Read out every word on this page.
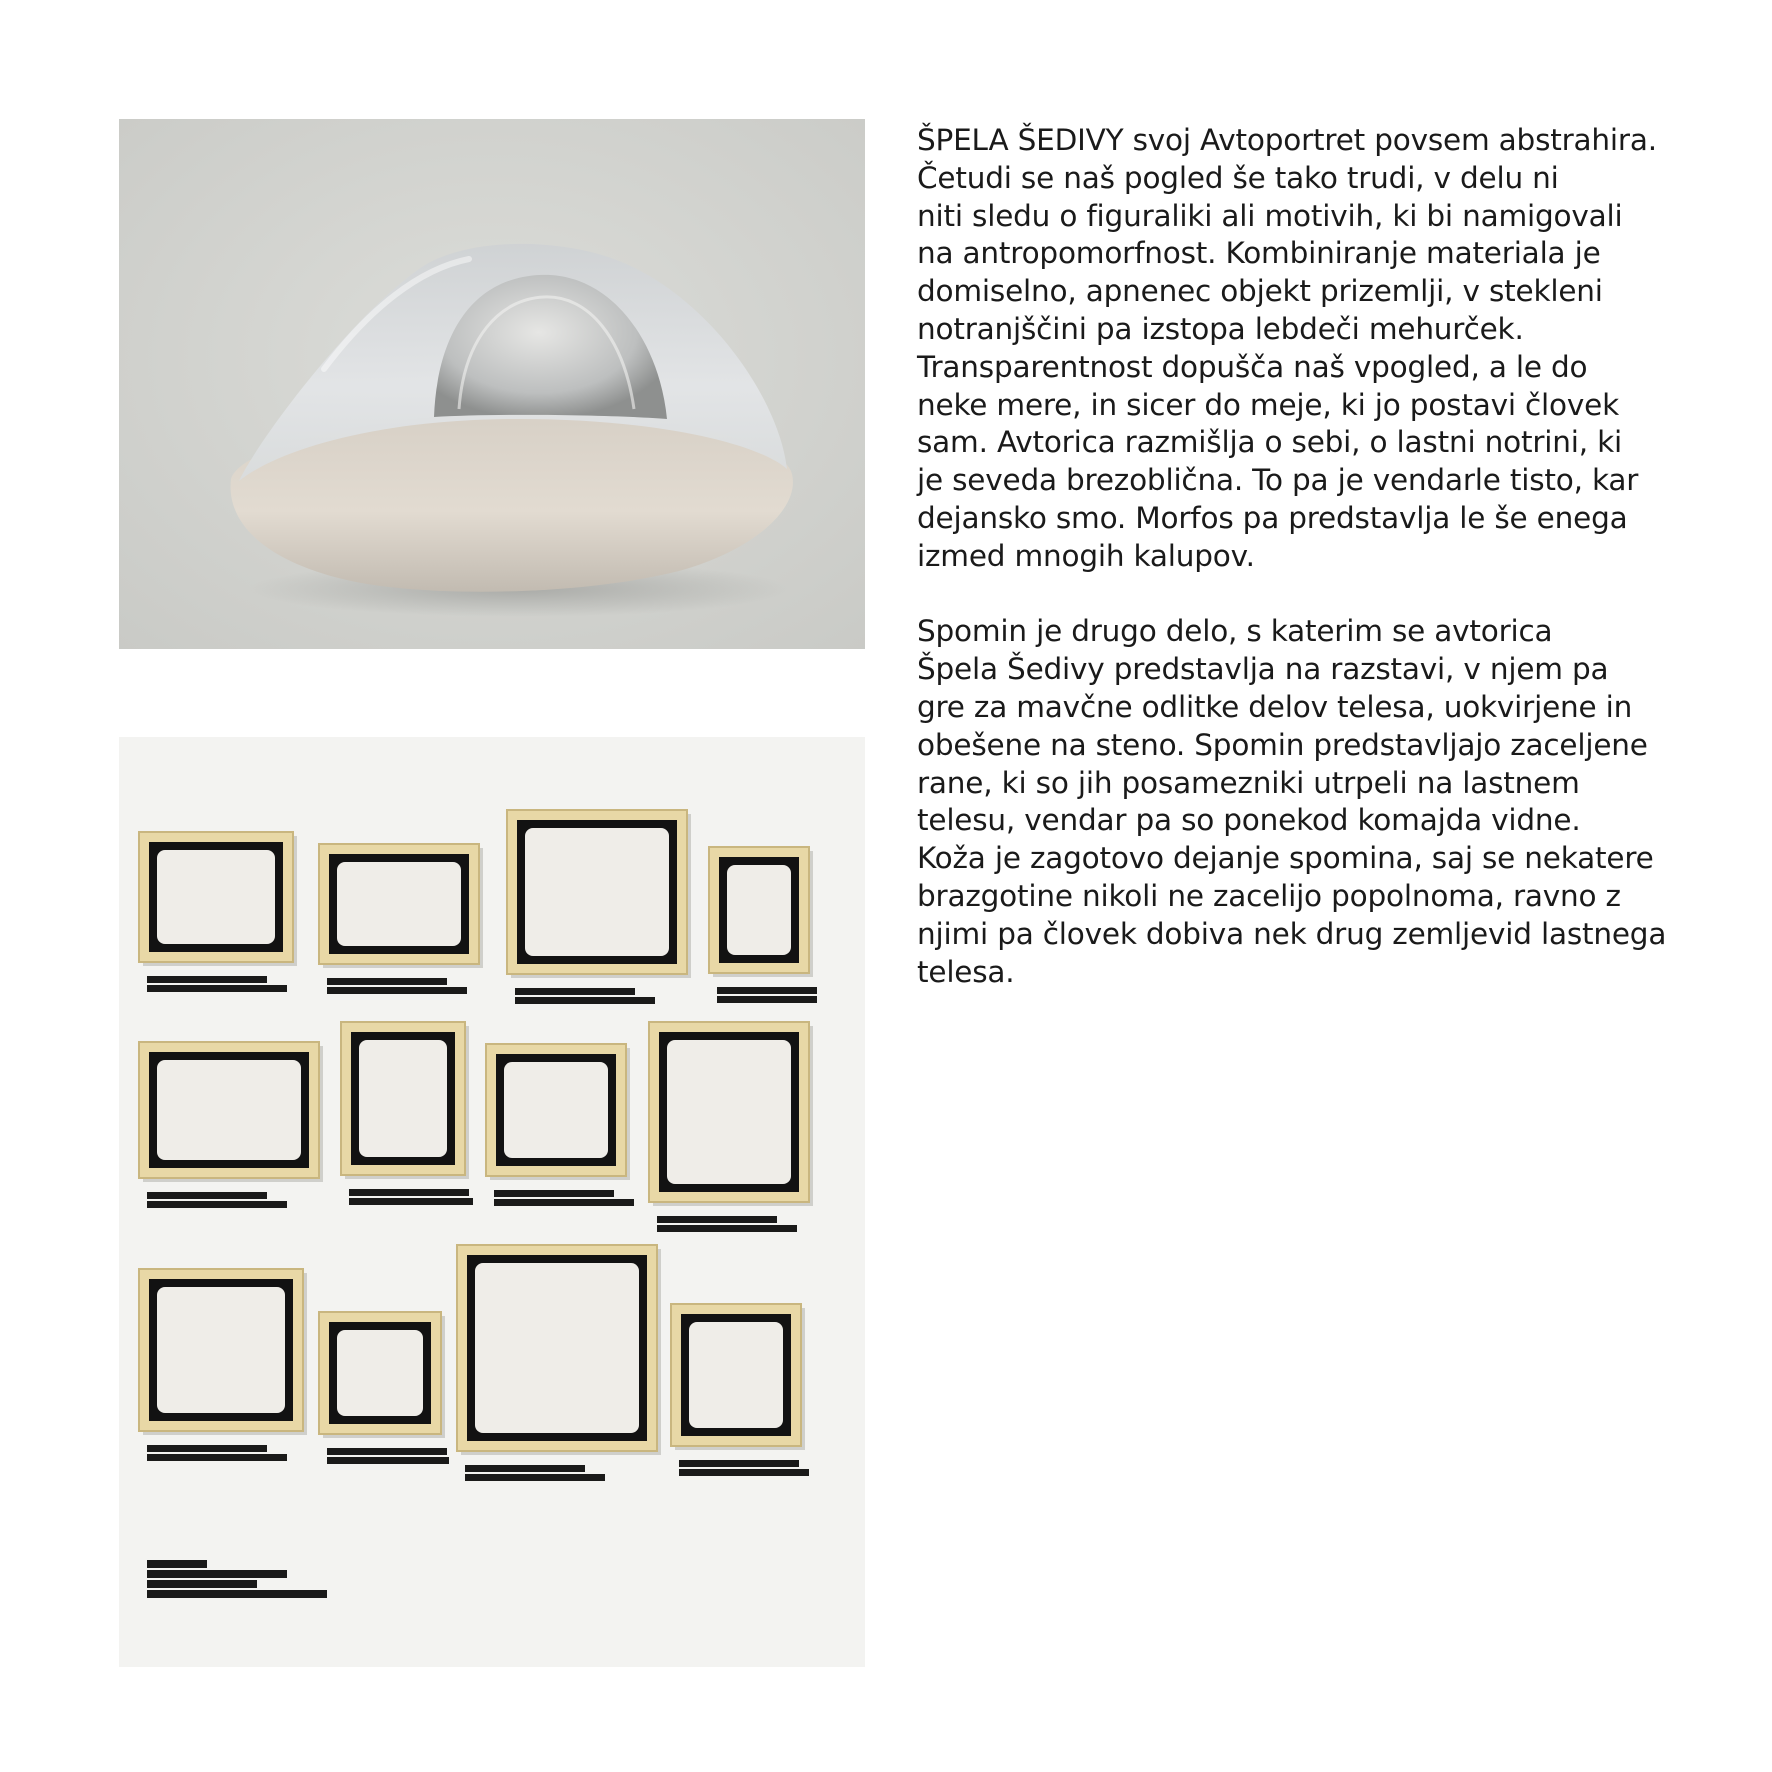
ŠPELA ŠEDIVY svoj Avtoportret povsem abstrahira.
Četudi se naš pogled še tako trudi, v delu ni
niti sledu o figuraliki ali motivih, ki bi namigovali
na antropomorfnost. Kombiniranje materiala je
domiselno, apnenec objekt prizemlji, v stekleni
notranjščini pa izstopa lebdeči mehurček.
Transparentnost dopušča naš vpogled, a le do
neke mere, in sicer do meje, ki jo postavi človek
sam. Avtorica razmišlja o sebi, o lastni notrini, ki
je seveda brezoblična. To pa je vendarle tisto, kar
dejansko smo. Morfos pa predstavlja le še enega
izmed mnogih kalupov.
Spomin je drugo delo, s katerim se avtorica
Špela Šedivy predstavlja na razstavi, v njem pa
gre za mavčne odlitke delov telesa, uokvirjene in
obešene na steno. Spomin predstavljajo zaceljene
rane, ki so jih posamezniki utrpeli na lastnem
telesu, vendar pa so ponekod komajda vidne.
Koža je zagotovo dejanje spomina, saj se nekatere
brazgotine nikoli ne zacelijo popolnoma, ravno z
njimi pa človek dobiva nek drug zemljevid lastnega
telesa.
